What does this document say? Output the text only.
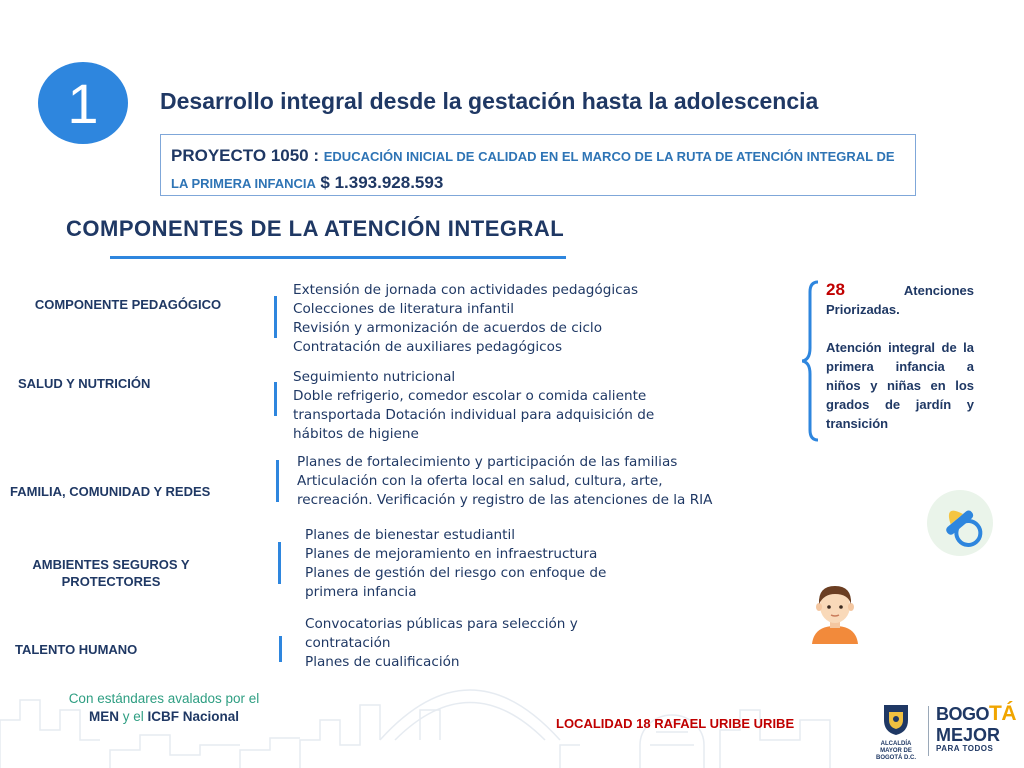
1	Desarrollo integral desde la gestación hasta la adolescencia
PROYECTO 1050 : EDUCACIÓN INICIAL DE CALIDAD EN EL MARCO DE LA RUTA DE ATENCIÓN INTEGRAL DE LA PRIMERA INFANCIA $ 1.393.928.593
COMPONENTES DE LA ATENCIÓN INTEGRAL
COMPONENTE PEDAGÓGICO
Extensión de jornada con actividades pedagógicas
Colecciones de literatura infantil
Revisión y armonización de acuerdos de ciclo
Contratación de auxiliares pedagógicos
SALUD Y NUTRICIÓN	Seguimiento nutricional
Doble refrigerio, comedor escolar o comida caliente
transportada Dotación individual para adquisición de
hábitos de higiene
FAMILIA, COMUNIDAD Y REDES
Planes de fortalecimiento y participación de las familias
Articulación con la oferta local en salud, cultura, arte,
recreación. Verificación y registro de las atenciones de la RIA
AMBIENTES SEGUROS Y PROTECTORES
Planes de bienestar estudiantil
Planes de mejoramiento en infraestructura
Planes de gestión del riesgo con enfoque de
primera infancia
TALENTO HUMANO
Convocatorias públicas para selección y
contratación
Planes de cualificación
28	Atenciones Priorizadas.
Atención integral de la primera infancia a niños y niñas en los grados de jardín y transición
Con estándares avalados por el
MEN y el ICBF Nacional	LOCALIDAD 18 RAFAEL URIBE URIBE
ALCALDÍA MAYOR DE BOGOTÁ D.C.
BOGOTÁ
MEJOR
PARA TODOS
